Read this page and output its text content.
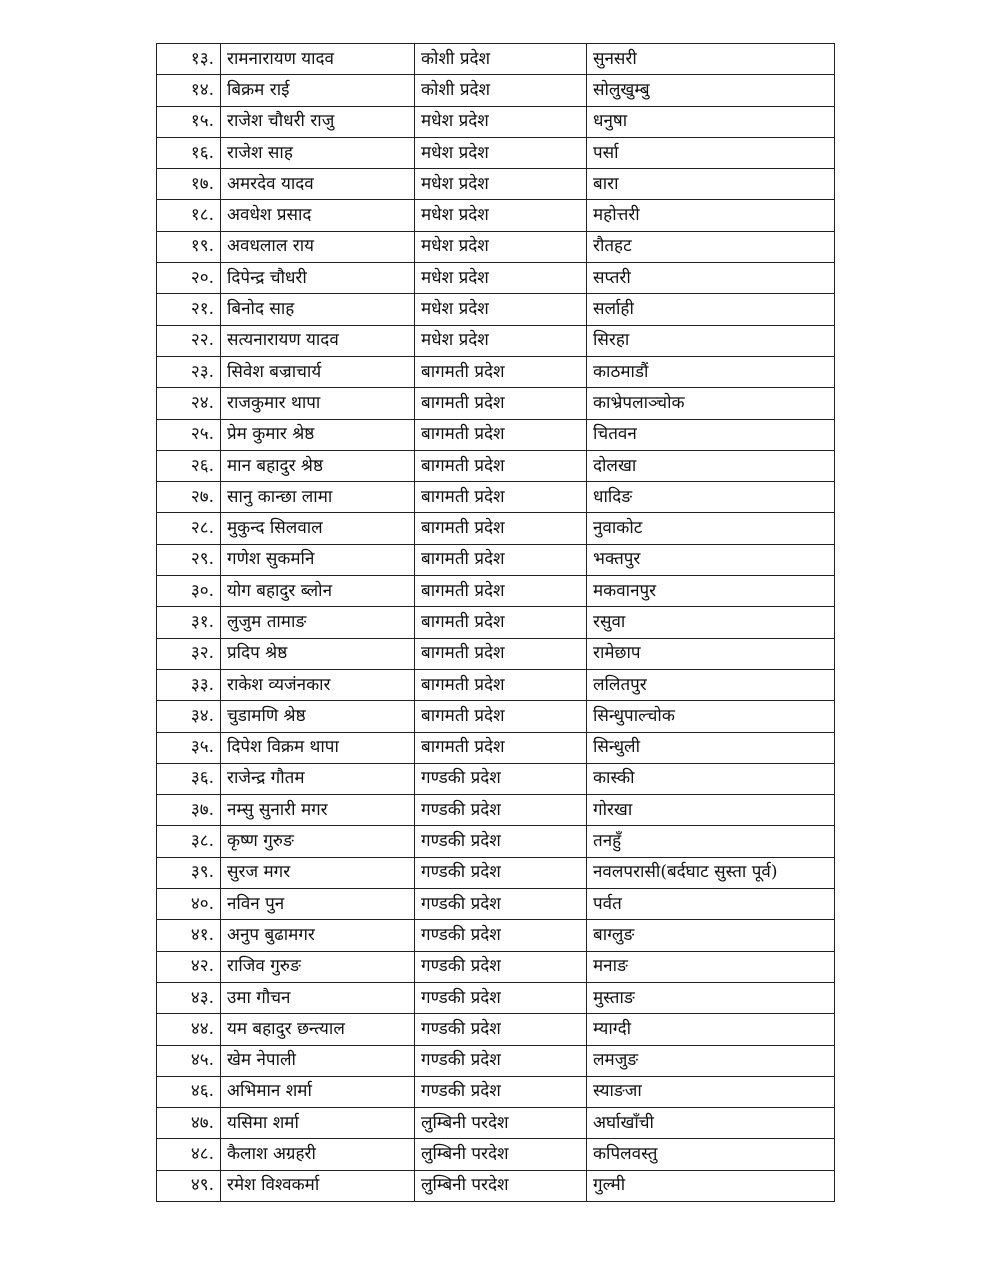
१३.	रामनारायण यादव	कोशी प्रदेश	सुनसरी
१४.	बिक्रम राई	कोशी प्रदेश	सोलुखुम्बु
१५.	राजेश चौधरी राजु	मधेश प्रदेश	धनुषा
१६.	राजेश साह	मधेश प्रदेश	पर्सा
१७.	अमरदेव यादव	मधेश प्रदेश	बारा
१८.	अवधेश प्रसाद	मधेश प्रदेश	महोत्तरी
१९.	अवधलाल राय	मधेश प्रदेश	रौतहट
२०.	दिपेन्द्र चौधरी	मधेश प्रदेश	सप्तरी
२१.	बिनोद साह	मधेश प्रदेश	सर्लाही
२२.	सत्यनारायण यादव	मधेश प्रदेश	सिरहा
२३.	सिवेश बज्राचार्य	बागमती प्रदेश	काठमाडौं
२४.	राजकुमार थापा	बागमती प्रदेश	काभ्रेपलाञ्चोक
२५.	प्रेम कुमार श्रेष्ठ	बागमती प्रदेश	चितवन
२६.	मान बहादुर श्रेष्ठ	बागमती प्रदेश	दोलखा
२७.	सानु कान्छा लामा	बागमती प्रदेश	धादिङ
२८.	मुकुन्द सिलवाल	बागमती प्रदेश	नुवाकोट
२९.	गणेश सुकमनि	बागमती प्रदेश	भक्तपुर
३०.	योग बहादुर ब्लोन	बागमती प्रदेश	मकवानपुर
३१.	लुजुम तामाङ	बागमती प्रदेश	रसुवा
३२.	प्रदिप श्रेष्ठ	बागमती प्रदेश	रामेछाप
३३.	राकेश व्यजंनकार	बागमती प्रदेश	ललितपुर
३४.	चुडामणि श्रेष्ठ	बागमती प्रदेश	सिन्धुपाल्चोक
३५.	दिपेश विक्रम थापा	बागमती प्रदेश	सिन्धुली
३६.	राजेन्द्र गौतम	गण्डकी प्रदेश	कास्की
३७.	नम्सु सुनारी मगर	गण्डकी प्रदेश	गोरखा
३८.	कृष्ण गुरुङ	गण्डकी प्रदेश	तनहुँ
३९.	सुरज मगर	गण्डकी प्रदेश	नवलपरासी(बर्दघाट सुस्ता पूर्व)
४०.	नविन पुन	गण्डकी प्रदेश	पर्वत
४१.	अनुप बुढामगर	गण्डकी प्रदेश	बाग्लुङ
४२.	राजिव गुरुङ	गण्डकी प्रदेश	मनाङ
४३.	उमा गौचन	गण्डकी प्रदेश	मुस्ताङ
४४.	यम बहादुर छन्त्याल	गण्डकी प्रदेश	म्याग्दी
४५.	खेम नेपाली	गण्डकी प्रदेश	लमजुङ
४६.	अभिमान शर्मा	गण्डकी प्रदेश	स्याङजा
४७.	यसिमा शर्मा	लुम्बिनी परदेश	अर्घाखाँची
४८.	कैलाश अग्रहरी	लुम्बिनी परदेश	कपिलवस्तु
४९.	रमेश विश्वकर्मा	लुम्बिनी परदेश	गुल्मी
